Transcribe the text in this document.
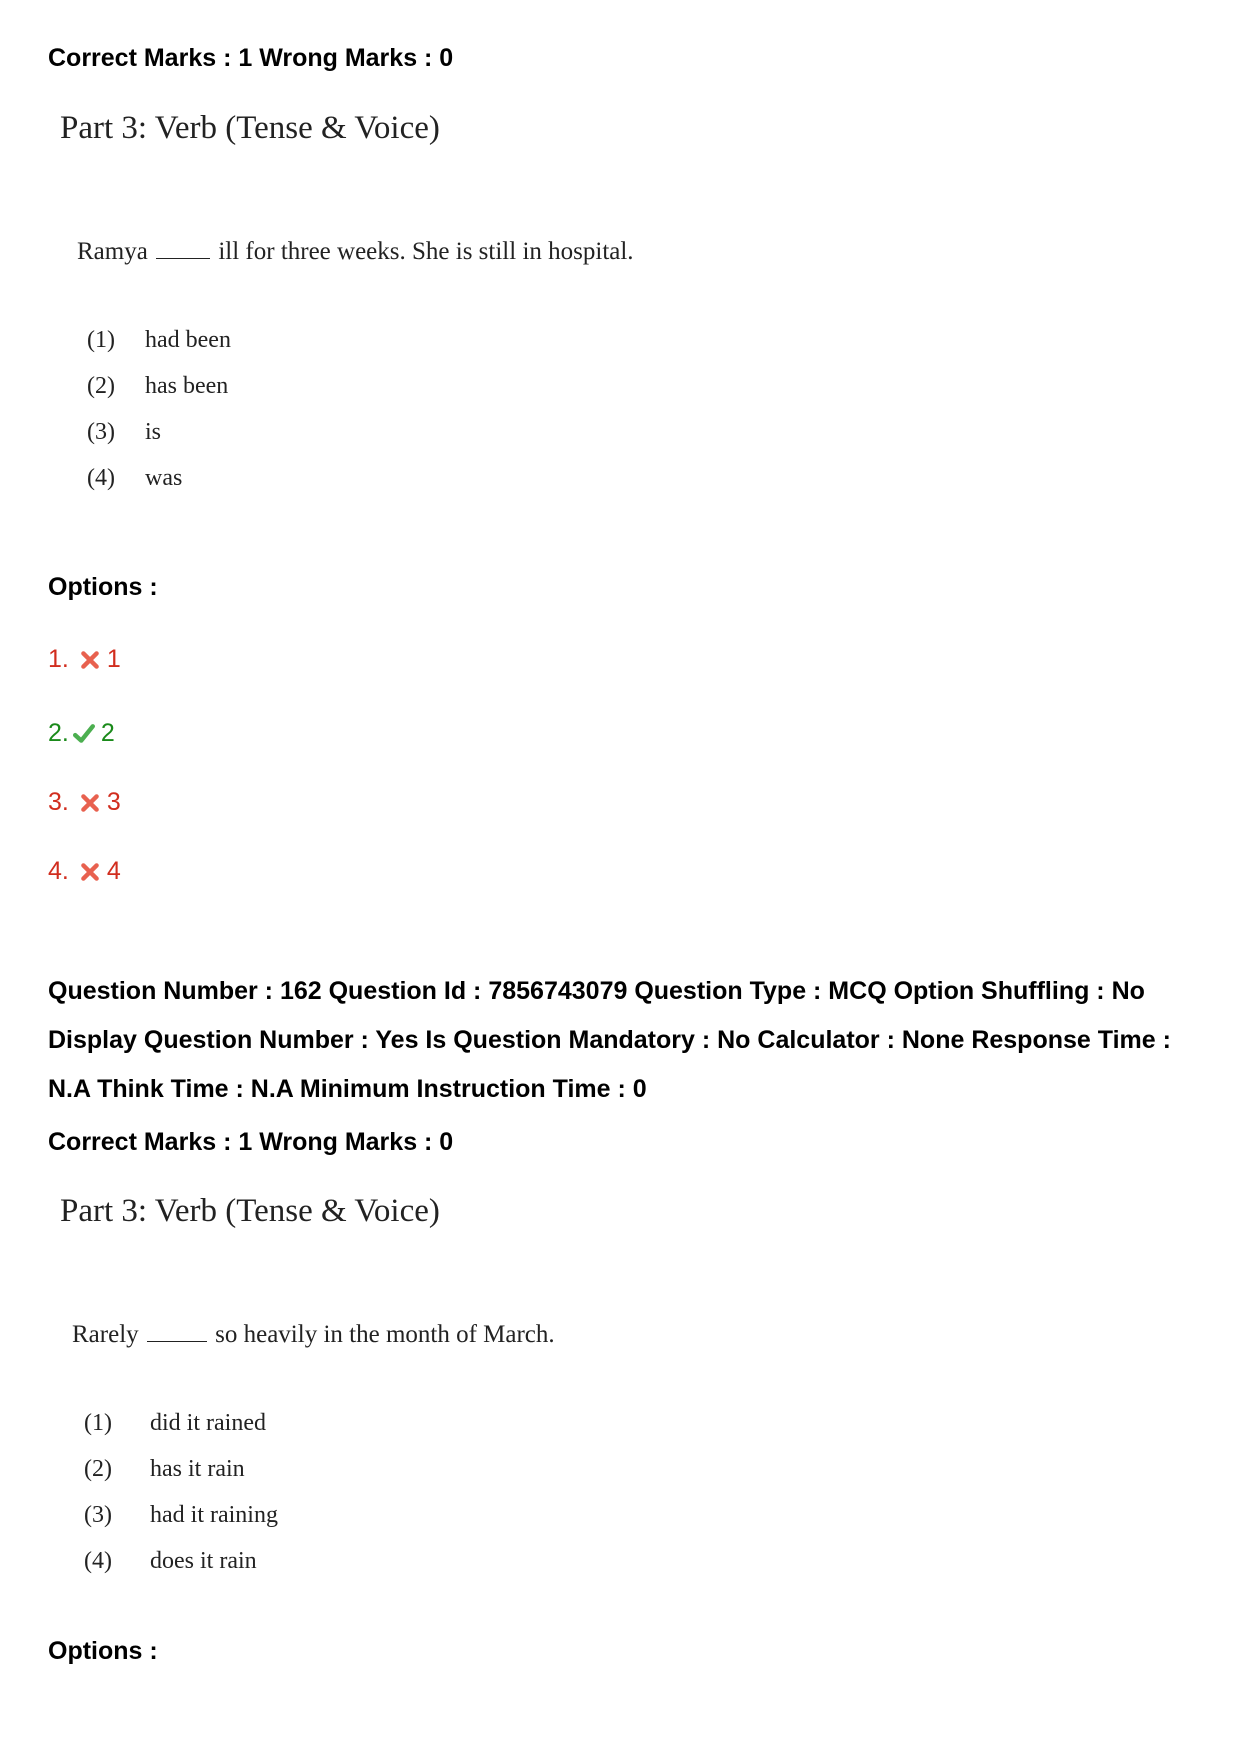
Correct Marks : 1 Wrong Marks : 0
Part 3: Verb (Tense & Voice)
Ramya	ill for three weeks. She is still in hospital.
(1)	had been
(2)	has been
(3)	is
(4)	was
Options :
1. 1
2. 2
3. 3
4. 4
Question Number : 162 Question Id : 7856743079 Question Type : MCQ Option Shuffling : No Display Question Number : Yes Is Question Mandatory : No Calculator : None Response Time : N.A Think Time : N.A Minimum Instruction Time : 0
Correct Marks : 1 Wrong Marks : 0
Part 3: Verb (Tense & Voice)
Rarely	so heavily in the month of March.
(1)	did it rained
(2)	has it rain
(3)	had it raining
(4)	does it rain
Options :
